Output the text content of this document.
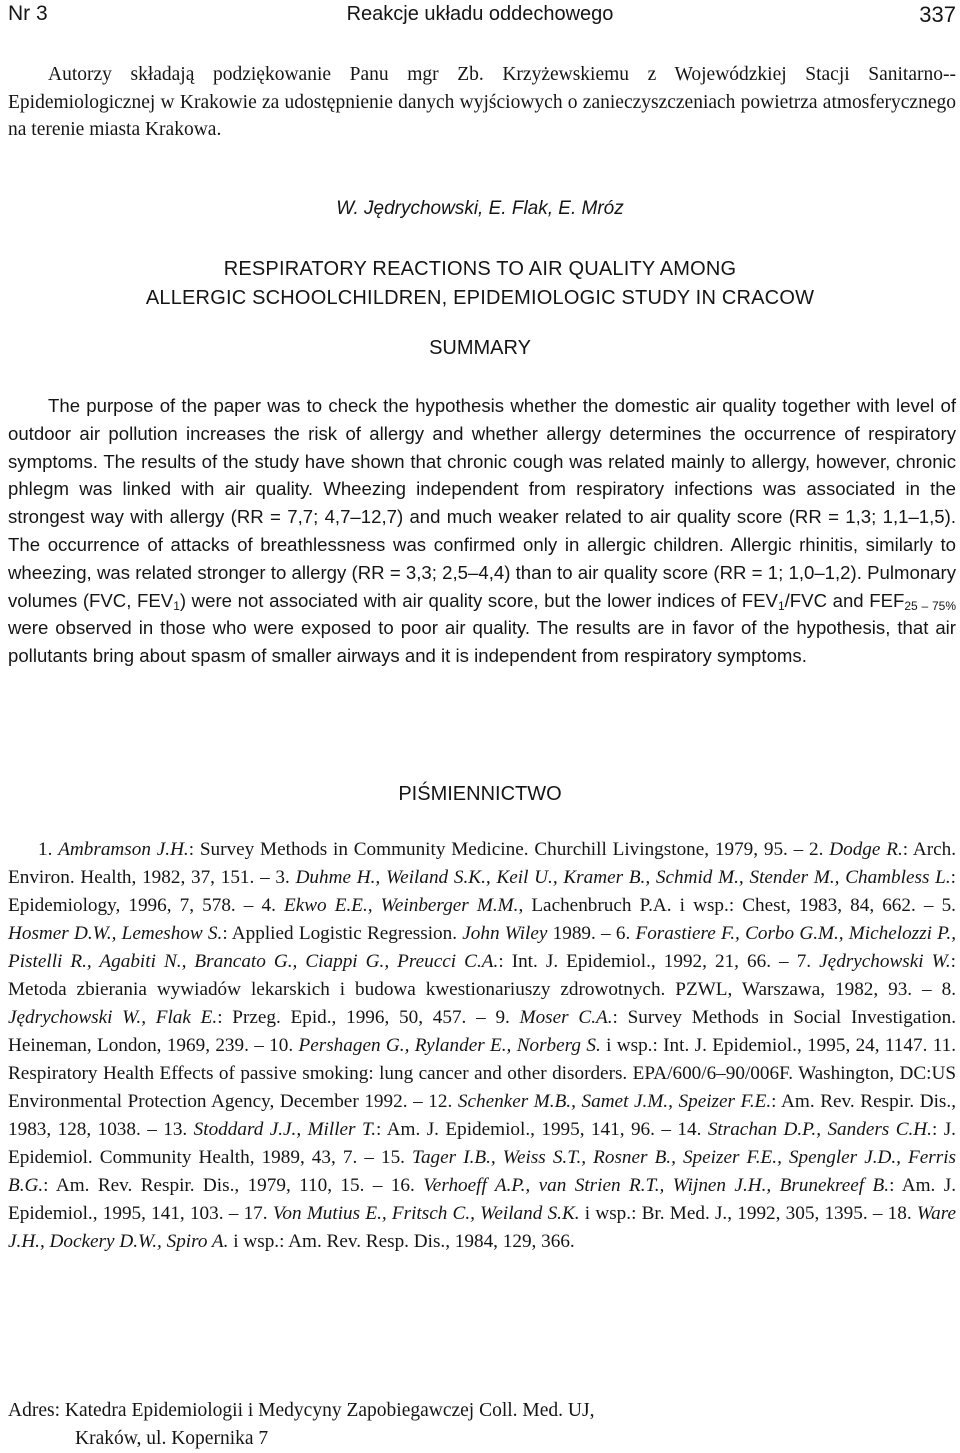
Nr 3	Reakcje układu oddechowego	337
Autorzy składają podziękowanie Panu mgr Zb. Krzyżewskiemu z Wojewódzkiej Stacji Sanitarno--Epidemiologicznej w Krakowie za udostępnienie danych wyjściowych o zanieczyszczeniach powietrza atmosferycznego na terenie miasta Krakowa.
W. Jędrychowski, E. Flak, E. Mróz
RESPIRATORY REACTIONS TO AIR QUALITY AMONG
ALLERGIC SCHOOLCHILDREN, EPIDEMIOLOGIC STUDY IN CRACOW
SUMMARY
The purpose of the paper was to check the hypothesis whether the domestic air quality together with level of outdoor air pollution increases the risk of allergy and whether allergy determines the occurrence of respiratory symptoms. The results of the study have shown that chronic cough was related mainly to allergy, however, chronic phlegm was linked with air quality. Wheezing independent from respiratory infections was associated in the strongest way with allergy (RR = 7,7; 4,7–12,7) and much weaker related to air quality score (RR = 1,3; 1,1–1,5). The occurrence of attacks of breathlessness was confirmed only in allergic children. Allergic rhinitis, similarly to wheezing, was related stronger to allergy (RR = 3,3; 2,5–4,4) than to air quality score (RR = 1; 1,0–1,2). Pulmonary volumes (FVC, $FEV_1$) were not associated with air quality score, but the lower indices of $FEV_1$/FVC and $FEF_{25 - 75\%}$ were observed in those who were exposed to poor air quality. The results are in favor of the hypothesis, that air pollutants bring about spasm of smaller airways and it is independent from respiratory symptoms.
PIŚMIENNICTWO
1. Ambramson J.H.: Survey Methods in Community Medicine. Churchill Livingstone, 1979, 95. – 2. Dodge R.: Arch. Environ. Health, 1982, 37, 151. – 3. Duhme H., Weiland S.K., Keil U., Kramer B., Schmid M., Stender M., Chambless L.: Epidemiology, 1996, 7, 578. – 4. Ekwo E.E., Weinberger M.M., Lachenbruch P.A. i wsp.: Chest, 1983, 84, 662. – 5. Hosmer D.W., Lemeshow S.: Applied Logistic Regression. John Wiley 1989. – 6. Forastiere F., Corbo G.M., Michelozzi P., Pistelli R., Agabiti N., Brancato G., Ciappi G., Preucci C.A.: Int. J. Epidemiol., 1992, 21, 66. – 7. Jędrychowski W.: Metoda zbierania wywiadów lekarskich i budowa kwestionariuszy zdrowotnych. PZWL, Warszawa, 1982, 93. – 8. Jędrychowski W., Flak E.: Przeg. Epid., 1996, 50, 457. – 9. Moser C.A.: Survey Methods in Social Investigation. Heineman, London, 1969, 239. – 10. Pershagen G., Rylander E., Norberg S. i wsp.: Int. J. Epidemiol., 1995, 24, 1147. 11. Respiratory Health Effects of passive smoking: lung cancer and other disorders. EPA/600/6–90/006F. Washington, DC:US Environmental Protection Agency, December 1992. – 12. Schenker M.B., Samet J.M., Speizer F.E.: Am. Rev. Respir. Dis., 1983, 128, 1038. – 13. Stoddard J.J., Miller T.: Am. J. Epidemiol., 1995, 141, 96. – 14. Strachan D.P., Sanders C.H.: J. Epidemiol. Community Health, 1989, 43, 7. – 15. Tager I.B., Weiss S.T., Rosner B., Speizer F.E., Spengler J.D., Ferris B.G.: Am. Rev. Respir. Dis., 1979, 110, 15. – 16. Verhoeff A.P., van Strien R.T., Wijnen J.H., Brunekreef B.: Am. J. Epidemiol., 1995, 141, 103. – 17. Von Mutius E., Fritsch C., Weiland S.K. i wsp.: Br. Med. J., 1992, 305, 1395. – 18. Ware J.H., Dockery D.W., Spiro A. i wsp.: Am. Rev. Resp. Dis., 1984, 129, 366.
Adres: Katedra Epidemiologii i Medycyny Zapobiegawczej Coll. Med. UJ,
Kraków, ul. Kopernika 7
